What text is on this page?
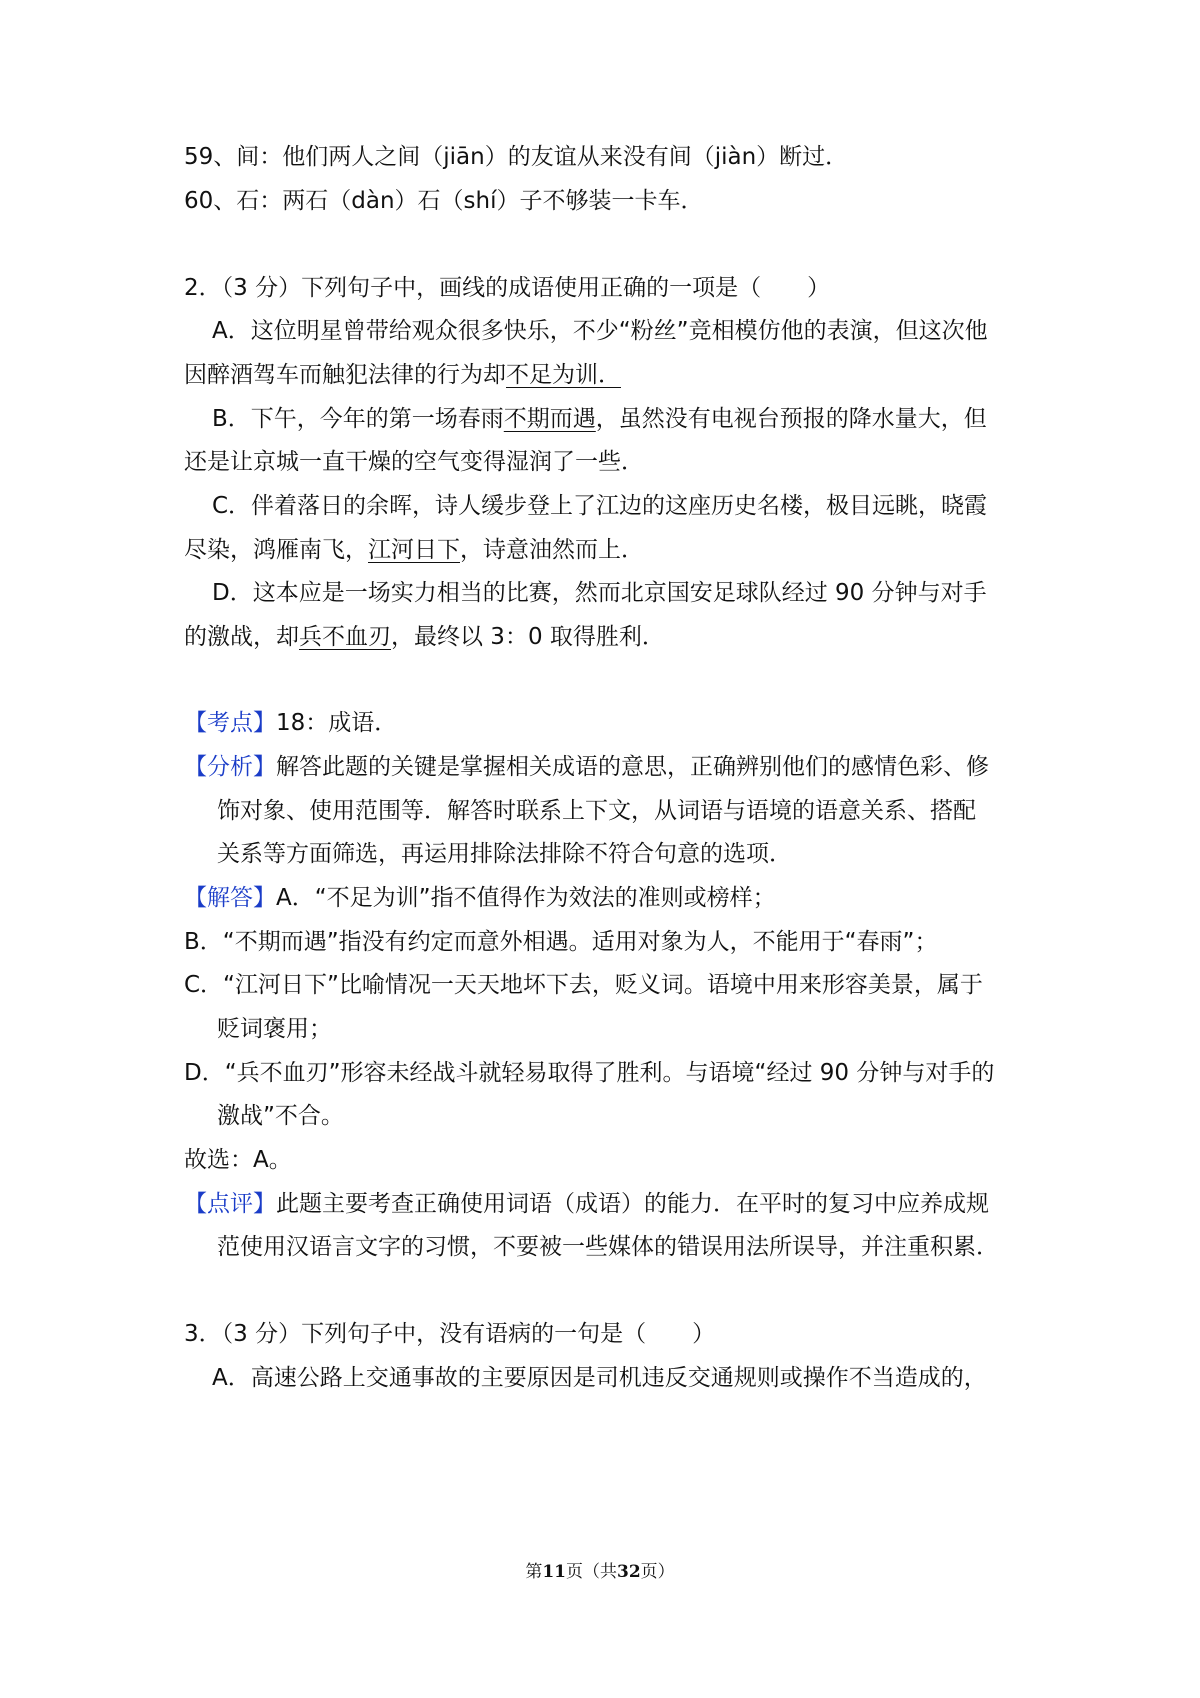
59、间：他们两人之间（jiān）的友谊从来没有间（jiàn）断过．
60、石：两石（dàn）石（shí）子不够装一卡车．
2．（3 分）下列句子中，画线的成语使用正确的一项是（　　）
A．这位明星曾带给观众很多快乐，不少“粉丝”竞相模仿他的表演，但这次他
因醉酒驾车而触犯法律的行为却不足为训．
B．下午，今年的第一场春雨不期而遇，虽然没有电视台预报的降水量大，但
还是让京城一直干燥的空气变得湿润了一些．
C．伴着落日的余晖，诗人缓步登上了江边的这座历史名楼，极目远眺，晓霞
尽染，鸿雁南飞，江河日下，诗意油然而上．
D．这本应是一场实力相当的比赛，然而北京国安足球队经过 90 分钟与对手
的激战，却兵不血刃，最终以 3：0 取得胜利．
【考点】18：成语．
【分析】解答此题的关键是掌握相关成语的意思，正确辨别他们的感情色彩、修
饰对象、使用范围等．解答时联系上下文，从词语与语境的语意关系、搭配
关系等方面筛选，再运用排除法排除不符合句意的选项．
【解答】A．“不足为训”指不值得作为效法的准则或榜样；
B．“不期而遇”指没有约定而意外相遇。适用对象为人，不能用于“春雨”；
C．“江河日下”比喻情况一天天地坏下去，贬义词。语境中用来形容美景，属于
贬词褒用；
D．“兵不血刃”形容未经战斗就轻易取得了胜利。与语境“经过 90 分钟与对手的
激战”不合。
故选：A。
【点评】此题主要考查正确使用词语（成语）的能力．在平时的复习中应养成规
范使用汉语言文字的习惯，不要被一些媒体的错误用法所误导，并注重积累．
3．（3 分）下列句子中，没有语病的一句是（　　）
A．高速公路上交通事故的主要原因是司机违反交通规则或操作不当造成的，
第11页（共32页）
